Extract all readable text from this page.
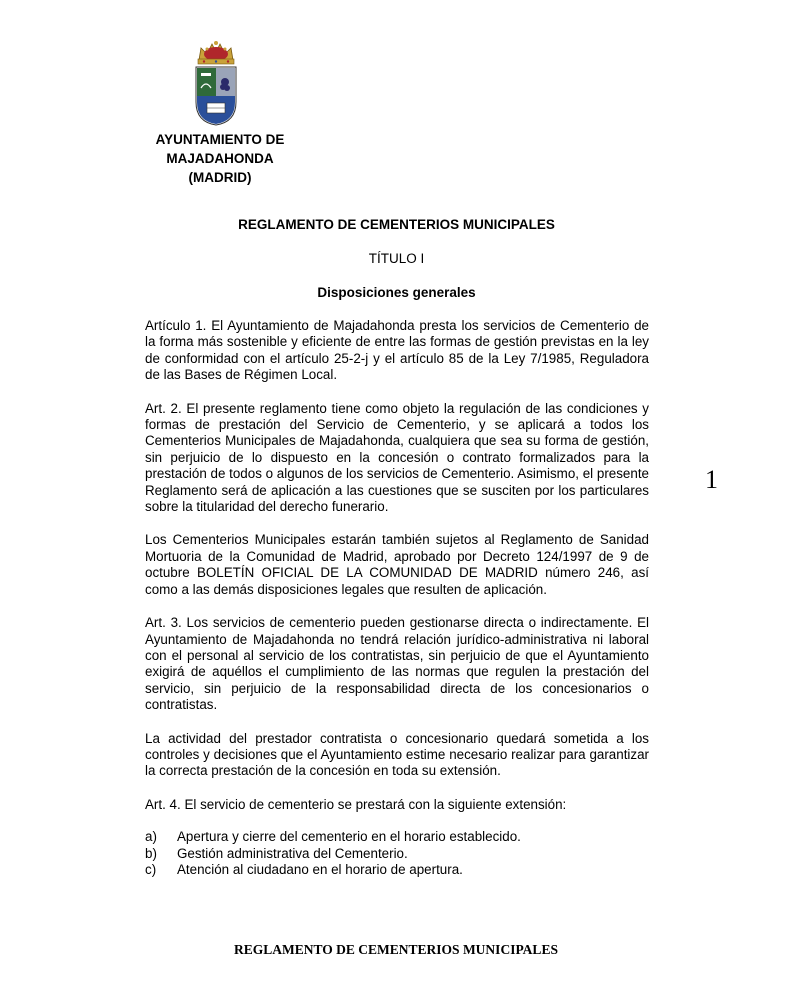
AYUNTAMIENTO DE
MAJADAHONDA
(MADRID)
REGLAMENTO DE CEMENTERIOS MUNICIPALES
TÍTULO I
Disposiciones generales

Artículo 1. El Ayuntamiento de Majadahonda presta los servicios de Cementerio de la forma más sostenible y eficiente de entre las formas de gestión previstas en la ley de conformidad con el artículo 25-2-j y el artículo 85 de la Ley 7/1985, Reguladora de las Bases de Régimen Local.

Art. 2. El presente reglamento tiene como objeto la regulación de las condiciones y formas de prestación del Servicio de Cementerio, y se aplicará a todos los Cementerios Municipales de Majadahonda, cualquiera que sea su forma de gestión, sin perjuicio de lo dispuesto en la concesión o contrato formalizados para la prestación de todos o algunos de los servicios de Cementerio. Asimismo, el presente Reglamento será de aplicación a las cuestiones que se susciten por los particulares sobre la titularidad del derecho funerario.

Los Cementerios Municipales estarán también sujetos al Reglamento de Sanidad Mortuoria de la Comunidad de Madrid, aprobado por Decreto 124/1997 de 9 de octubre BOLETÍN OFICIAL DE LA COMUNIDAD DE MADRID número 246, así como a las demás disposiciones legales que resulten de aplicación.

Art. 3. Los servicios de cementerio pueden gestionarse directa o indirectamente. El Ayuntamiento de Majadahonda no tendrá relación jurídico-administrativa ni laboral con el personal al servicio de los contratistas, sin perjuicio de que el Ayuntamiento exigirá de aquéllos el cumplimiento de las normas que regulen la prestación del servicio, sin perjuicio de la responsabilidad directa de los concesionarios o contratistas.

La actividad del prestador contratista o concesionario quedará sometida a los controles y decisiones que el Ayuntamiento estime necesario realizar para garantizar la correcta prestación de la concesión en toda su extensión.

Art. 4. El servicio de cementerio se prestará con la siguiente extensión:

a)	Apertura y cierre del cementerio en el horario establecido.
b)	Gestión administrativa del Cementerio.
c)	Atención al ciudadano en el horario de apertura.
1
REGLAMENTO DE CEMENTERIOS MUNICIPALES
